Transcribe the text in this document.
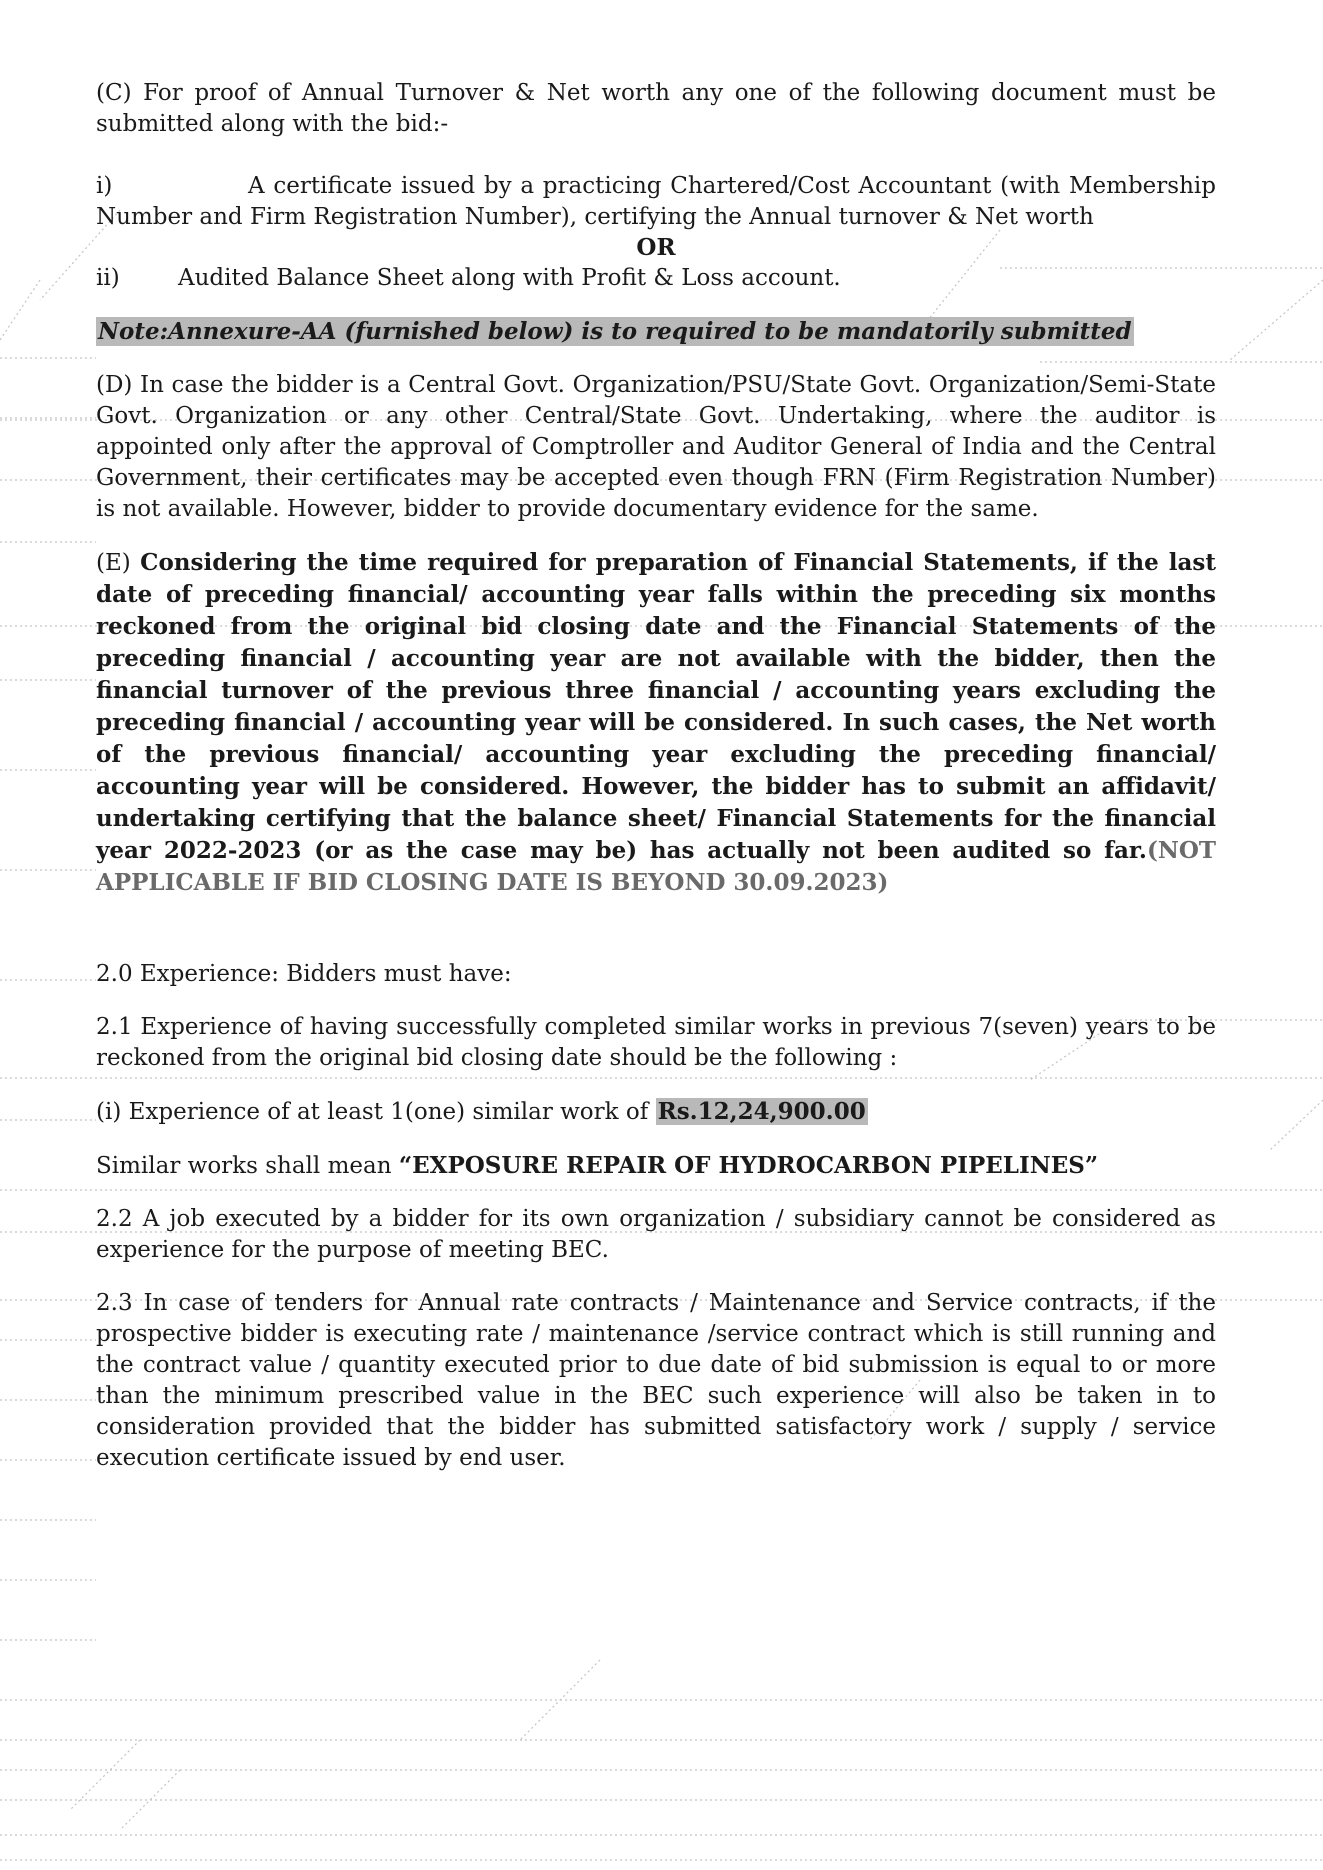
(C) For proof of Annual Turnover & Net worth any one of the following document must be submitted along with the bid:-

i)	A certificate issued by a practicing Chartered/Cost Accountant (with Membership Number and Firm Registration Number), certifying the Annual turnover & Net worth

OR

ii)	Audited Balance Sheet along with Profit & Loss account.

Note:Annexure-AA (furnished below) is to required to be mandatorily submitted

(D) In case the bidder is a Central Govt. Organization/PSU/State Govt. Organization/Semi-State Govt. Organization or any other Central/State Govt. Undertaking, where the auditor is appointed only after the approval of Comptroller and Auditor General of India and the Central Government, their certificates may be accepted even though FRN (Firm Registration Number) is not available. However, bidder to provide documentary evidence for the same.

(E) Considering the time required for preparation of Financial Statements, if the last date of preceding financial/ accounting year falls within the preceding six months reckoned from the original bid closing date and the Financial Statements of the preceding financial / accounting year are not available with the bidder, then the financial turnover of the previous three financial / accounting years excluding the preceding financial / accounting year will be considered. In such cases, the Net worth of the previous financial/ accounting year excluding the preceding financial/ accounting year will be considered. However, the bidder has to submit an affidavit/ undertaking certifying that the balance sheet/ Financial Statements for the financial year 2022-2023 (or as the case may be) has actually not been audited so far.(NOT APPLICABLE IF BID CLOSING DATE IS BEYOND 30.09.2023)

2.0 Experience: Bidders must have:

2.1 Experience of having successfully completed similar works in previous 7(seven) years to be reckoned from the original bid closing date should be the following :

(i) Experience of at least 1(one) similar work of Rs.12,24,900.00

Similar works shall mean “EXPOSURE REPAIR OF HYDROCARBON PIPELINES”

2.2 A job executed by a bidder for its own organization / subsidiary cannot be considered as experience for the purpose of meeting BEC.

2.3 In case of tenders for Annual rate contracts / Maintenance and Service contracts, if the prospective bidder is executing rate / maintenance /service contract which is still running and the contract value / quantity executed prior to due date of bid submission is equal to or more than the minimum prescribed value in the BEC such experience will also be taken in to consideration provided that the bidder has submitted satisfactory work / supply / service execution certificate issued by end user.
